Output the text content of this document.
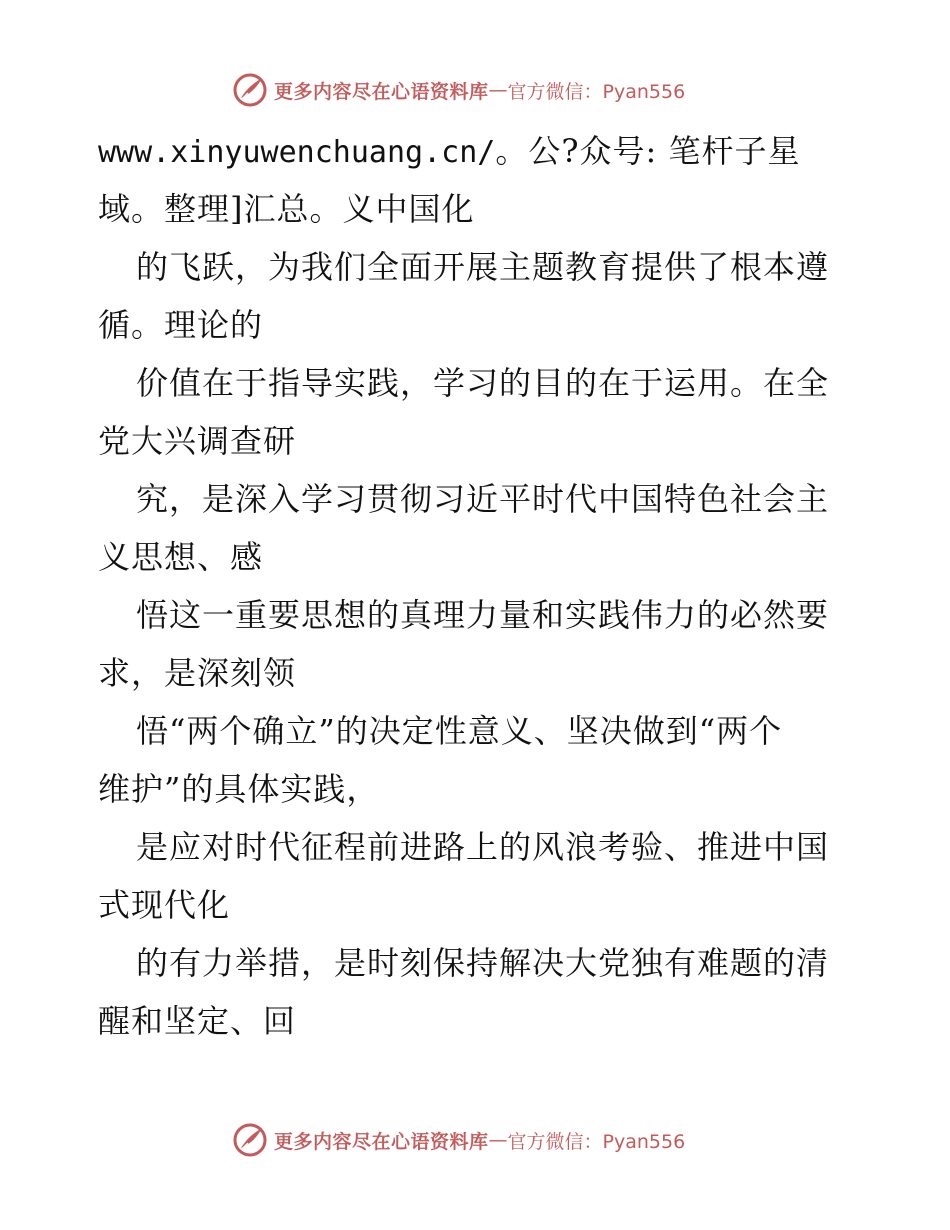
更多内容尽在心语资料库 — 官方微信：Pyan556
www.xinyuwenchuang.cn/。公?众号: 笔杆子星
域。整理]汇总。义中国化
的飞跃，为我们全面开展主题教育提供了根本遵
循。理论的
价值在于指导实践，学习的目的在于运用。在全
党大兴调查研
究，是深入学习贯彻习近平时代中国特色社会主
义思想、感
悟这一重要思想的真理力量和实践伟力的必然要
求，是深刻领
悟“两个确立”的决定性意义、坚决做到“两个
维护”的具体实践，
是应对时代征程前进路上的风浪考验、推进中国
式现代化
的有力举措，是时刻保持解决大党独有难题的清
醒和坚定、回
更多内容尽在心语资料库 — 官方微信：Pyan556
